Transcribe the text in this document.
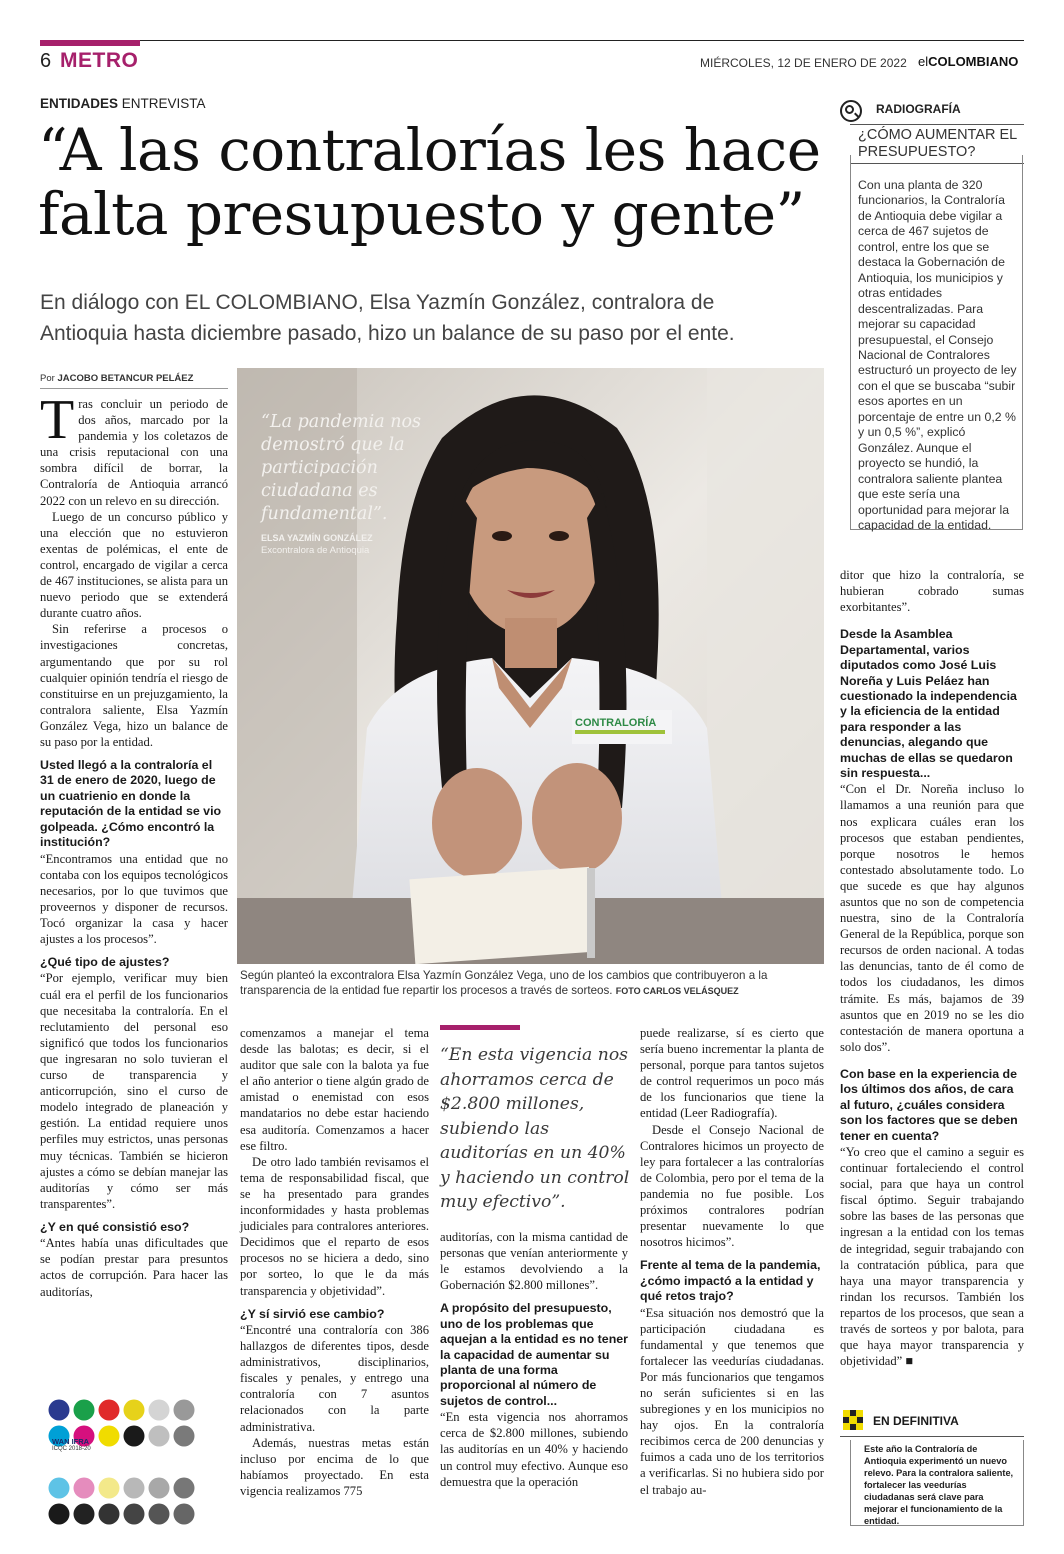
6 METRO	MIÉRCOLES, 12 DE ENERO DE 2022 elCOLOMBIANO
ENTIDADES ENTREVISTA
“A las contralorías les hace
falta presupuesto y gente”
En diálogo con EL COLOMBIANO, Elsa Yazmín González, contralora de
Antioquia hasta diciembre pasado, hizo un balance de su paso por el ente.
Por JACOBO BETANCUR PELÁEZ

Tras concluir un periodo de dos años, marcado por la pandemia y los coletazos de una crisis reputacional con una sombra difícil de borrar, la Contraloría de Antioquia arrancó 2022 con un relevo en su dirección.

Luego de un concurso público y una elección que no estuvieron exentas de polémicas, el ente de control, encargado de vigilar a cerca de 467 instituciones, se alista para un nuevo periodo que se extenderá durante cuatro años.

Sin referirse a procesos o investigaciones concretas, argumentando que por su rol cualquier opinión tendría el riesgo de constituirse en un prejuzgamiento, la contralora saliente, Elsa Yazmín González Vega, hizo un balance de su paso por la entidad.

Usted llegó a la contraloría el 31 de enero de 2020, luego de un cuatrienio en donde la reputación de la entidad se vio golpeada. ¿Cómo encontró la institución?

“Encontramos una entidad que no contaba con los equipos tecnológicos necesarios, por lo que tuvimos que proveernos y disponer de recursos. Tocó organizar la casa y hacer ajustes a los procesos”.

¿Qué tipo de ajustes?

“Por ejemplo, verificar muy bien cuál era el perfil de los funcionarios que necesitaba la contraloría. En el reclutamiento del personal eso significó que todos los funcionarios que ingresaran no solo tuvieran el curso de transparencia y anticorrupción, sino el curso de modelo integrado de planeación y gestión. La entidad requiere unos perfiles muy estrictos, unas personas muy técnicas. También se hicieron ajustes a cómo se debían manejar las auditorías y cómo ser más transparentes”.

¿Y en qué consistió eso?

“Antes había unas dificultades que se podían prestar para presuntos actos de corrupción. Para hacer las auditorías,

CONTRALORÍA
“La pandemia nos demostró que la participación ciudadana es fundamental”.
ELSA YAZMÍN GONZÁLEZ
Excontralora de Antioquia
Según planteó la excontralora Elsa Yazmín González Vega, uno de los cambios que contribuyeron a la transparencia de la entidad fue repartir los procesos a través de sorteos. FOTO CARLOS VELÁSQUEZ

comenzamos a manejar el tema desde las balotas; es decir, si el auditor que sale con la balota ya fue el año anterior o tiene algún grado de amistad o enemistad con esos mandatarios no debe estar haciendo esa auditoría. Comenzamos a hacer ese filtro.

De otro lado también revisamos el tema de responsabilidad fiscal, que se ha presentado para grandes inconformidades y hasta problemas judiciales para contralores anteriores. Decidimos que el reparto de esos procesos no se hiciera a dedo, sino por sorteo, lo que le da más transparencia y objetividad”.

¿Y sí sirvió ese cambio?

“Encontré una contraloría con 386 hallazgos de diferentes tipos, desde administrativos, disciplinarios, fiscales y penales, y entrego una contraloría con 7 asuntos relacionados con la parte administrativa.

Además, nuestras metas están incluso por encima de lo que habíamos proyectado. En esta vigencia realizamos 775

“En esta vigencia nos ahorramos cerca de $2.800 millones, subiendo las auditorías en un 40% y haciendo un control muy efectivo”.

auditorías, con la misma cantidad de personas que venían anteriormente y le estamos devolviendo a la Gobernación $2.800 millones”.

A propósito del presupuesto, uno de los problemas que aquejan a la entidad es no tener la capacidad de aumentar su planta de una forma proporcional al número de sujetos de control...

“En esta vigencia nos ahorramos cerca de $2.800 millones, subiendo las auditorías en un 40% y haciendo un control muy efectivo. Aunque eso demuestra que la operación

puede realizarse, sí es cierto que sería bueno incrementar la planta de personal, porque para tantos sujetos de control requerimos un poco más de los funcionarios que tiene la entidad (Leer Radiografía).

Desde el Consejo Nacional de Contralores hicimos un proyecto de ley para fortalecer a las contralorías de Colombia, pero por el tema de la pandemia no fue posible. Los próximos contralores podrían presentar nuevamente lo que nosotros hicimos”.

Frente al tema de la pandemia, ¿cómo impactó a la entidad y qué retos trajo?

“Esa situación nos demostró que la participación ciudadana es fundamental y que tenemos que fortalecer las veedurías ciudadanas. Por más funcionarios que tengamos no serán suficientes si en las subregiones y en los municipios no hay ojos. En la contraloría recibimos cerca de 200 denuncias y fuimos a cada uno de los territorios a verificarlas. Si no hubiera sido por el trabajo au-

RADIOGRAFÍA
¿CÓMO AUMENTAR EL PRESUPUESTO?
Con una planta de 320 funcionarios, la Contraloría de Antioquia debe vigilar a cerca de 467 sujetos de control, entre los que se destaca la Gobernación de Antioquia, los municipios y otras entidades descentralizadas. Para mejorar su capacidad presupuestal, el Consejo Nacional de Contralores estructuró un proyecto de ley con el que se buscaba “subir esos aportes en un porcentaje de entre un 0,2 % y un 0,5 %”, explicó González. Aunque el proyecto se hundió, la contralora saliente plantea que este sería una oportunidad para mejorar la capacidad de la entidad.

ditor que hizo la contraloría, se hubieran cobrado sumas exorbitantes”.

Desde la Asamblea Departamental, varios diputados como José Luis Noreña y Luis Peláez han cuestionado la independencia y la eficiencia de la entidad para responder a las denuncias, alegando que muchas de ellas se quedaron sin respuesta...

“Con el Dr. Noreña incluso lo llamamos a una reunión para que nos explicara cuáles eran los procesos que estaban pendientes, porque nosotros le hemos contestado absolutamente todo. Lo que sucede es que hay algunos asuntos que no son de competencia nuestra, sino de la Contraloría General de la República, porque son recursos de orden nacional. A todas las denuncias, tanto de él como de todos los ciudadanos, les dimos trámite. Es más, bajamos de 39 asuntos que en 2019 no se les dio contestación de manera oportuna a solo dos”.

Con base en la experiencia de los últimos dos años, de cara al futuro, ¿cuáles considera son los factores que se deben tener en cuenta?

“Yo creo que el camino a seguir es continuar fortaleciendo el control social, para que haya un control fiscal óptimo. Seguir trabajando sobre las bases de las personas que ingresan a la entidad con los temas de integridad, seguir trabajando con la contratación pública, para que haya una mayor transparencia y rindan los recursos. También los repartos de los procesos, que sean a través de sorteos y por balota, para que haya mayor transparencia y objetividad” ■

EN DEFINITIVA
Este año la Contraloría de Antioquia experimentó un nuevo relevo. Para la contralora saliente, fortalecer las veedurías ciudadanas será clave para mejorar el funcionamiento de la entidad.
WAN IFRA
ICQC 2018-20
